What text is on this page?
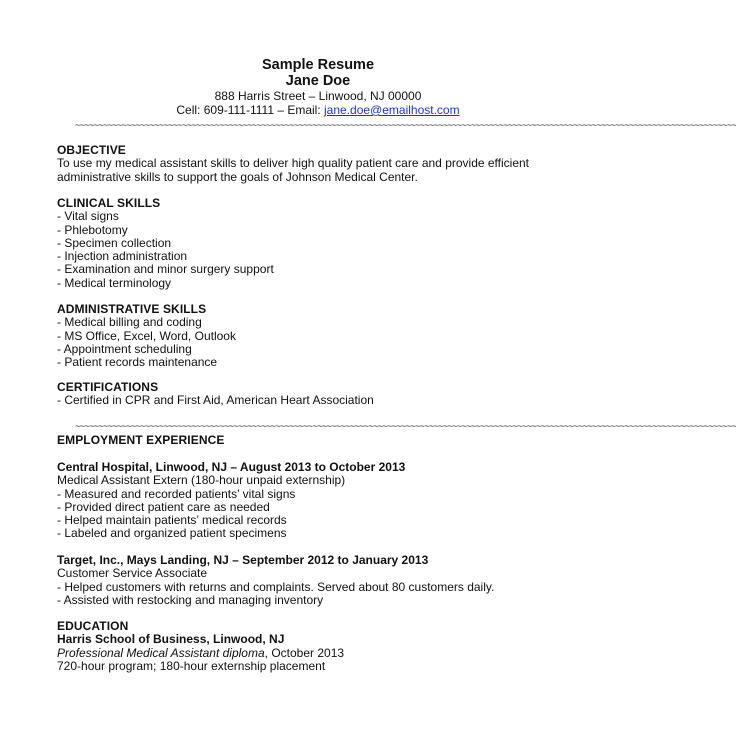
Sample Resume
Jane Doe
888 Harris Street – Linwood, NJ 00000
Cell: 609-111-1111 – Email: jane.doe@emailhost.com
~~~~~~~~~~~~~~~~~~~~~~~~~~~~~~~~~~~~~~~~~~~~~~~~~~~~~~~~~~~~~~~~~~~~~~~~~~~~~~~~~~~~~~~~~~~~~~~~~~~~~~~~~~~~~~~~~~~~~~~~~~~~~~~~~~~~~~~~~~~~~~
OBJECTIVE
To use my medical assistant skills to deliver high quality patient care and provide efficient
administrative skills to support the goals of Johnson Medical Center.
CLINICAL SKILLS
- Vital signs
- Phlebotomy
- Specimen collection
- Injection administration
- Examination and minor surgery support
- Medical terminology
ADMINISTRATIVE SKILLS
- Medical billing and coding
- MS Office, Excel, Word, Outlook
- Appointment scheduling
- Patient records maintenance
CERTIFICATIONS
- Certified in CPR and First Aid, American Heart Association
~~~~~~~~~~~~~~~~~~~~~~~~~~~~~~~~~~~~~~~~~~~~~~~~~~~~~~~~~~~~~~~~~~~~~~~~~~~~~~~~~~~~~~~~~~~~~~~~~~~~~~~~~~~~~~~~~~~~~~~~~~~~~~~~~~~~~~~~~~~~~~
EMPLOYMENT EXPERIENCE
Central Hospital, Linwood, NJ – August 2013 to October 2013
Medical Assistant Extern (180-hour unpaid externship)
- Measured and recorded patients’ vital signs
- Provided direct patient care as needed
- Helped maintain patients’ medical records
- Labeled and organized patient specimens
Target, Inc., Mays Landing, NJ – September 2012 to January 2013
Customer Service Associate
- Helped customers with returns and complaints. Served about 80 customers daily.
- Assisted with restocking and managing inventory
EDUCATION
Harris School of Business, Linwood, NJ
Professional Medical Assistant diploma, October 2013
720-hour program; 180-hour externship placement
